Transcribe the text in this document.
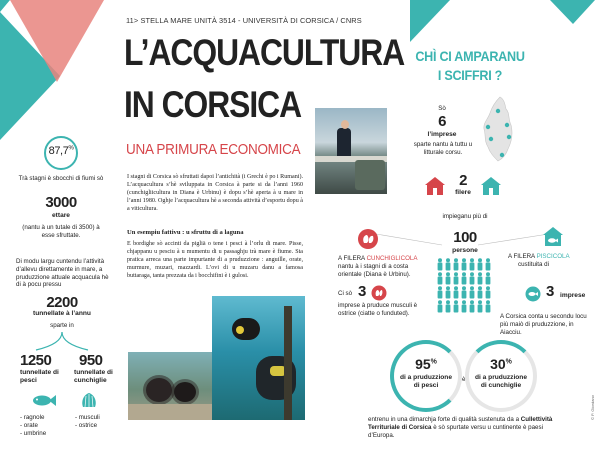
11> STELLA MARE UNITÀ 3514 - UNIVERSITÀ DI CORSICA / CNRS
L’ACQUACULTURA
IN CORSICA
UNA PRIMURA ECONOMICA
87,7%
Trà stagni è sbocchi di fiumi sò
3000
ettare
(nantu à un tutale di 3500) à esse sfruttate.
Di modu largu cuntendu l’attività d’allevu direttamente in mare, a pruduzzione attuale acquacula hè di à pocu pressu
2200
tunnellate à l’annu
sparte in
1250
tunnellate di pesci
950
tunnellate di cunchiglie
- ragnole
- orate
- umbrine
- musculi
- ostrice
I stagni di Corsica sò sfruttati dapoi l’antichità (i Grechi è po i Rumani). L’acquacultura s’hè sviluppata in Corsica à parte si da l’anni 1960 (cunchigliicultura in Diana è Urbinu) è dopu s’hè aperta à u mare in l’anni 1980. Oghje l’acquacultura hè a seconda attività d’esportu dopu à a viticultura.
Un esempiu fattivu : u sfruttu di a laguna
E bordighe sò accinti da pigliä o tene i pesci à l’orlu di mare. Pisse, chjappanu u pesciu à u mumentu di u passaghju trà mare è fiume. Sta pratica arreca una parte impurtante di a pruduzzione : anguille, orate, murmure, muzari, mazzardi. L’ovi di u muzaru danu a famosa buttaraga, tanta prezzata da i bocchifini è i gulosi.
CHÌ CI AMPARANU
I SCIFFRI ?
Sò
6
l’imprese
sparte nantu à tuttu u litturale corsu.
2
filere
impieganu più di
100
persone
A FILERA CUNCHIGLICOLA
nantu à i stagni di a costa orientale (Diana è Urbinu).
Ci sò 3
imprese à pruduce musculi è ostrice (ciatte o funduted).
A FILERA PISCICOLA
custituita di
3 imprese
A Corsica conta u secondu locu più maiò di pruduzzione, in Aiacciu.
95%
di a pruduzzione di pesci
è
30%
di a pruduzzione di cunchiglie
entrenu in una dimarchja forte di qualità sustenuta da a Cullettività Territuriale di Corsica è sò spurtate versu u cuntinente è paesi d’Europa.
© P. Giordano
